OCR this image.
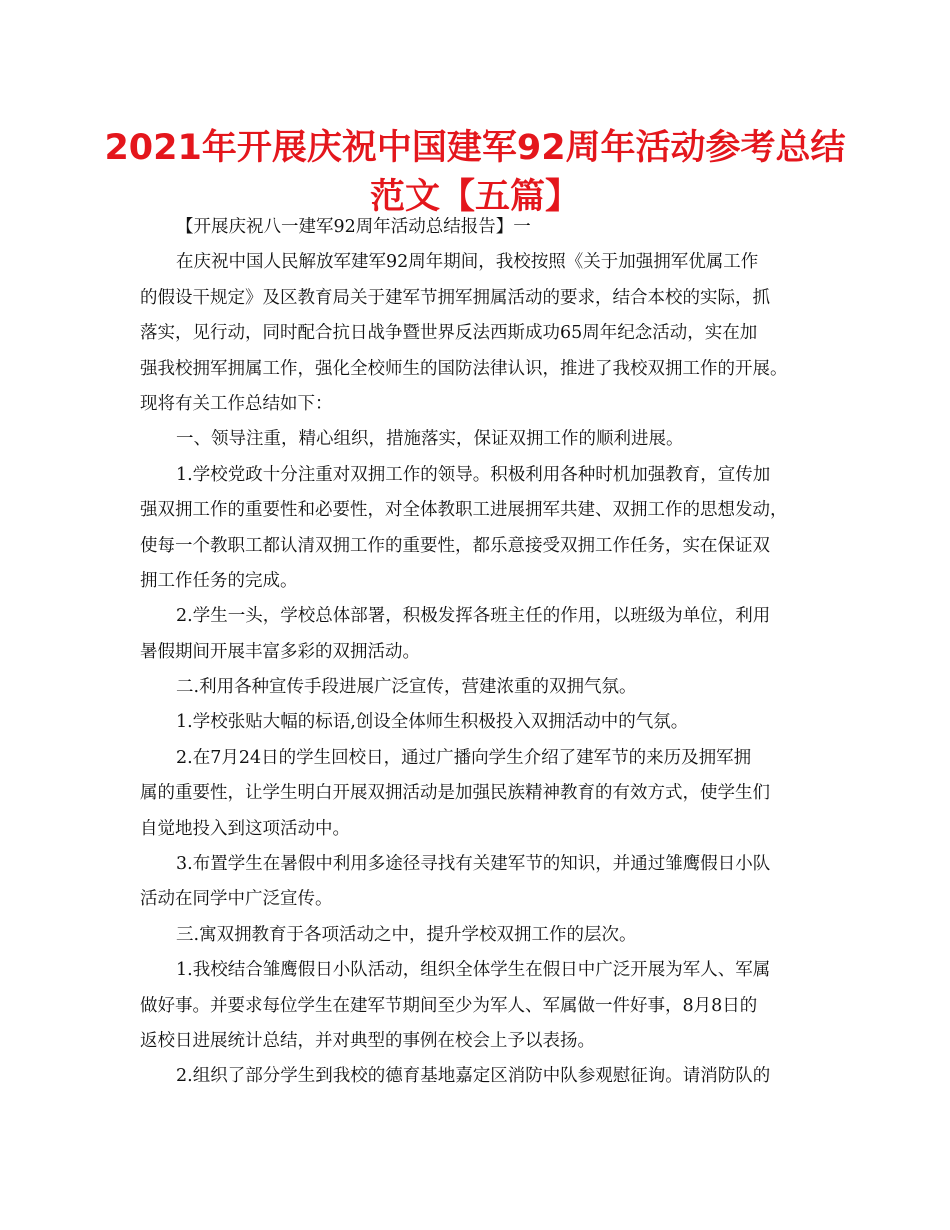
2021年开展庆祝中国建军92周年活动参考总结
范文【五篇】

【开展庆祝八一建军92周年活动总结报告】一

在庆祝中国人民解放军建军92周年期间，我校按照《关于加强拥军优属工作

的假设干规定》及区教育局关于建军节拥军拥属活动的要求，结合本校的实际，抓

落实，见行动，同时配合抗日战争暨世界反法西斯成功65周年纪念活动，实在加

强我校拥军拥属工作，强化全校师生的国防法律认识，推进了我校双拥工作的开展。

现将有关工作总结如下：

一、领导注重，精心组织，措施落实，保证双拥工作的顺利进展。

1.学校党政十分注重对双拥工作的领导。积极利用各种时机加强教育，宣传加

强双拥工作的重要性和必要性，对全体教职工进展拥军共建、双拥工作的思想发动，

使每一个教职工都认清双拥工作的重要性，都乐意接受双拥工作任务，实在保证双

拥工作任务的完成。

2.学生一头，学校总体部署，积极发挥各班主任的作用，以班级为单位，利用

暑假期间开展丰富多彩的双拥活动。

二.利用各种宣传手段进展广泛宣传，营建浓重的双拥气氛。

1.学校张贴大幅的标语,创设全体师生积极投入双拥活动中的气氛。

2.在7月24日的学生回校日，通过广播向学生介绍了建军节的来历及拥军拥

属的重要性，让学生明白开展双拥活动是加强民族精神教育的有效方式，使学生们

自觉地投入到这项活动中。

3.布置学生在暑假中利用多途径寻找有关建军节的知识，并通过雏鹰假日小队

活动在同学中广泛宣传。

三.寓双拥教育于各项活动之中，提升学校双拥工作的层次。

1.我校结合雏鹰假日小队活动，组织全体学生在假日中广泛开展为军人、军属

做好事。并要求每位学生在建军节期间至少为军人、军属做一件好事，8月8日的

返校日进展统计总结，并对典型的事例在校会上予以表扬。

2.组织了部分学生到我校的德育基地嘉定区消防中队参观慰征询。请消防队的
